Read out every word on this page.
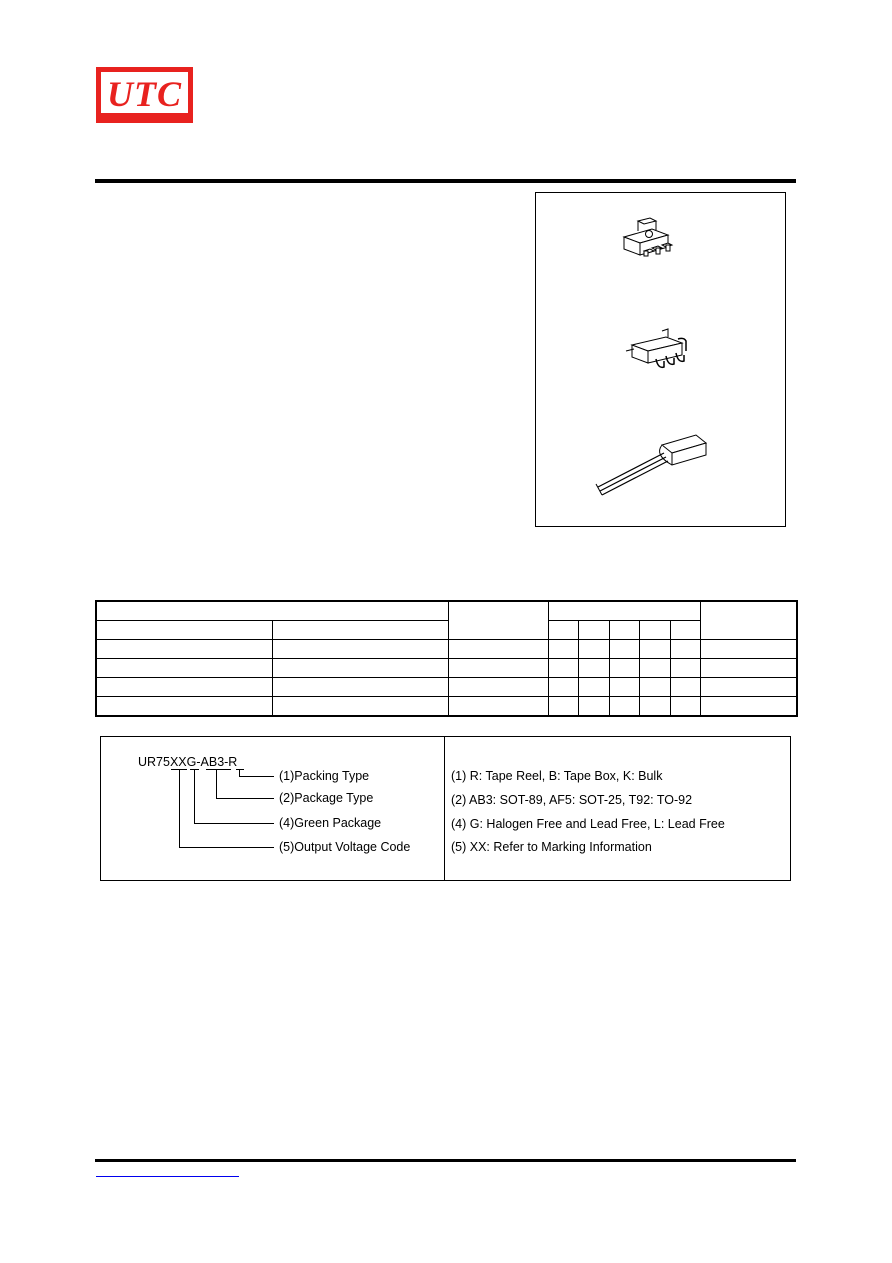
UTC

UR75XXG-AB3-R
(1)Packing Type
(2)Package Type
(4)Green Package
(5)Output Voltage Code
(1) R: Tape Reel, B: Tape Box, K: Bulk
(2) AB3: SOT-89, AF5: SOT-25, T92: TO-92
(4) G: Halogen Free and Lead Free, L: Lead Free
(5) XX: Refer to Marking Information
